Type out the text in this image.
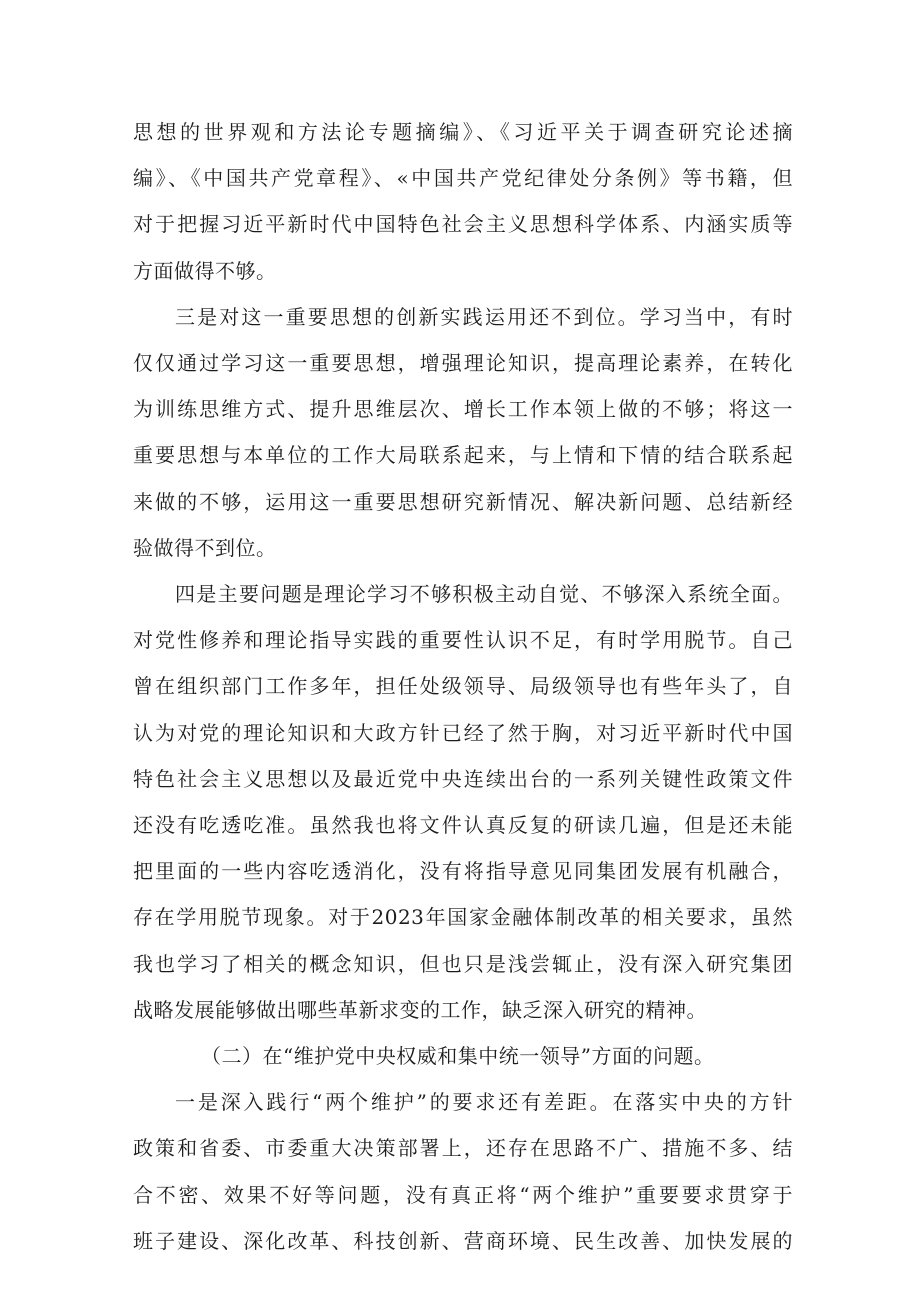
思想的世界观和方法论专题摘编》、《习近平关于调查研究论述摘
编》、《中国共产党章程》、«中国共产党纪律处分条例》等书籍，但
对于把握习近平新时代中国特色社会主义思想科学体系、内涵实质等
方面做得不够。
三是对这一重要思想的创新实践运用还不到位。学习当中，有时
仅仅通过学习这一重要思想，增强理论知识，提高理论素养，在转化
为训练思维方式、提升思维层次、增长工作本领上做的不够；将这一
重要思想与本单位的工作大局联系起来，与上情和下情的结合联系起
来做的不够，运用这一重要思想研究新情况、解决新问题、总结新经
验做得不到位。
四是主要问题是理论学习不够积极主动自觉、不够深入系统全面。
对党性修养和理论指导实践的重要性认识不足，有时学用脱节。自己
曾在组织部门工作多年，担任处级领导、局级领导也有些年头了，自
认为对党的理论知识和大政方针已经了然于胸，对习近平新时代中国
特色社会主义思想以及最近党中央连续出台的一系列关键性政策文件
还没有吃透吃准。虽然我也将文件认真反复的研读几遍，但是还未能
把里面的一些内容吃透消化，没有将指导意见同集团发展有机融合，
存在学用脱节现象。对于2023年国家金融体制改革的相关要求，虽然
我也学习了相关的概念知识，但也只是浅尝辄止，没有深入研究集团
战略发展能够做出哪些革新求变的工作，缺乏深入研究的精神。
（二）在“维护党中央权威和集中统一领导”方面的问题。
一是深入践行“两个维护”的要求还有差距。在落实中央的方针
政策和省委、市委重大决策部署上，还存在思路不广、措施不多、结
合不密、效果不好等问题，没有真正将“两个维护”重要要求贯穿于
班子建设、深化改革、科技创新、营商环境、民生改善、加快发展的
